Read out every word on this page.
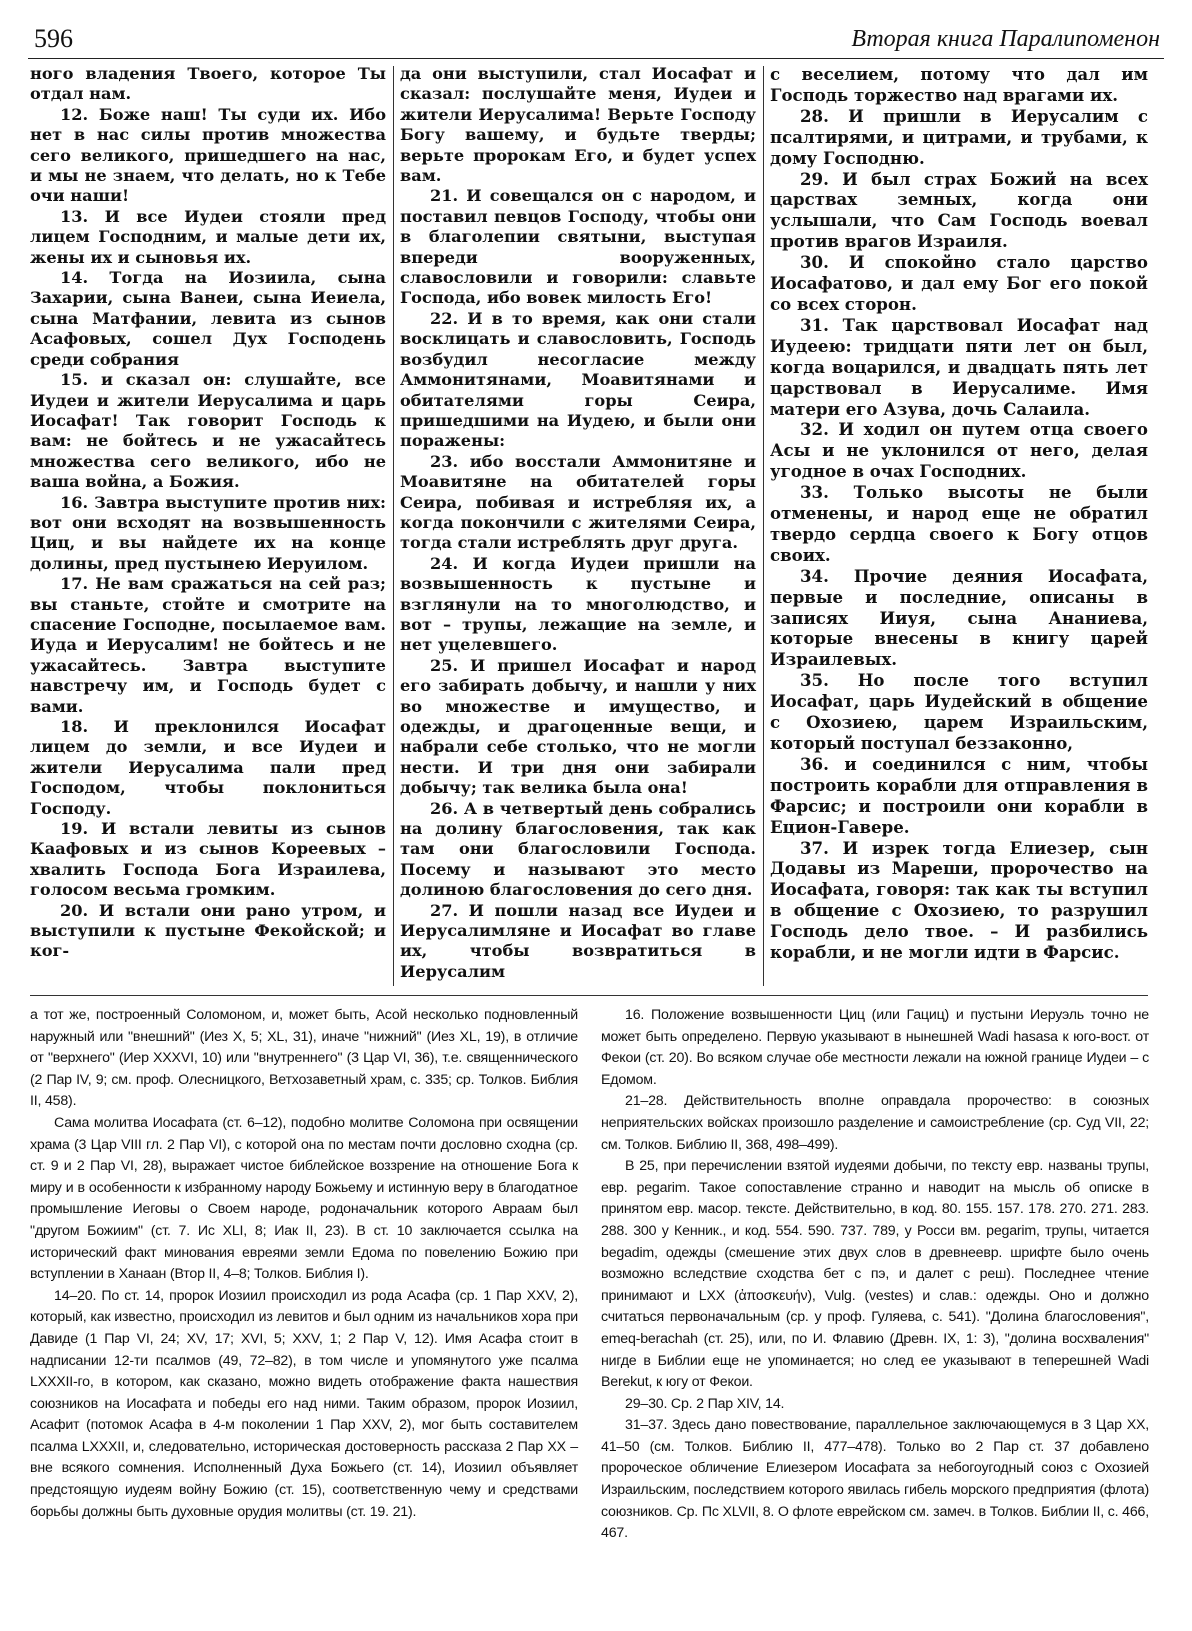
596	Вторая книга Паралипоменон

ного владения Твоего, которое Ты отдал нам.

12. Боже наш! Ты суди их. Ибо нет в нас силы против множества сего великого, пришедшего на нас, и мы не знаем, что делать, но к Тебе очи наши!

13. И все Иудеи стояли пред лицем Господним, и малые дети их, жены их и сыновья их.

14. Тогда на Иозиила, сына Захарии, сына Ванеи, сына Иеиела, сына Матфании, левита из сынов Асафовых, сошел Дух Господень среди собрания

15. и сказал он: слушайте, все Иудеи и жители Иерусалима и царь Иосафат! Так говорит Господь к вам: не бойтесь и не ужасайтесь множества сего великого, ибо не ваша война, а Божия.

16. Завтра выступите против них: вот они всходят на возвышенность Циц, и вы найдете их на конце долины, пред пустынею Иеруилом.

17. Не вам сражаться на сей раз; вы станьте, стойте и смотрите на спасение Господне, посылаемое вам. Иуда и Иерусалим! не бойтесь и не ужасайтесь. Завтра выступите навстречу им, и Господь будет с вами.

18. И преклонился Иосафат лицем до земли, и все Иудеи и жители Иерусалима пали пред Господом, чтобы поклониться Господу.

19. И встали левиты из сынов Каафовых и из сынов Кореевых – хвалить Господа Бога Израилева, голосом весьма громким.

20. И встали они рано утром, и выступили к пустыне Фекойской; и ког-

да они выступили, стал Иосафат и сказал: послушайте меня, Иудеи и жители Иерусалима! Верьте Господу Богу вашему, и будьте тверды; верьте пророкам Его, и будет успех вам.

21. И совещался он с народом, и поставил певцов Господу, чтобы они в благолепии святыни, выступая впереди вооруженных, славословили и говорили: славьте Господа, ибо вовек милость Его!

22. И в то время, как они стали восклицать и славословить, Господь возбудил несогласие между Аммонитянами, Моавитянами и обитателями горы Сеира, пришедшими на Иудею, и были они поражены:

23. ибо восстали Аммонитяне и Моавитяне на обитателей горы Сеира, побивая и истребляя их, а когда покончили с жителями Сеира, тогда стали истреблять друг друга.

24. И когда Иудеи пришли на возвышенность к пустыне и взглянули на то многолюдство, и вот – трупы, лежащие на земле, и нет уцелевшего.

25. И пришел Иосафат и народ его забирать добычу, и нашли у них во множестве и имущество, и одежды, и драгоценные вещи, и набрали себе столько, что не могли нести. И три дня они забирали добычу; так велика была она!

26. А в четвертый день собрались на долину благословения, так как там они благословили Господа. Посему и называют это место долиною благословения до сего дня.

27. И пошли назад все Иудеи и Иерусалимляне и Иосафат во главе их, чтобы возвратиться в Иерусалим

с веселием, потому что дал им Господь торжество над врагами их.

28. И пришли в Иерусалим с псалтирями, и цитрами, и трубами, к дому Господню.

29. И был страх Божий на всех царствах земных, когда они услышали, что Сам Господь воевал против врагов Израиля.

30. И спокойно стало царство Иосафатово, и дал ему Бог его покой со всех сторон.

31. Так царствовал Иосафат над Иудеею: тридцати пяти лет он был, когда воцарился, и двадцать пять лет царствовал в Иерусалиме. Имя матери его Азува, дочь Салаила.

32. И ходил он путем отца своего Асы и не уклонился от него, делая угодное в очах Господних.

33. Только высоты не были отменены, и народ еще не обратил твердо сердца своего к Богу отцов своих.

34. Прочие деяния Иосафата, первые и последние, описаны в записях Ииуя, сына Ананиева, которые внесены в книгу царей Израилевых.

35. Но после того вступил Иосафат, царь Иудейский в общение с Охозиею, царем Израильским, который поступал беззаконно,

36. и соединился с ним, чтобы построить корабли для отправления в Фарсис; и построили они корабли в Ецион-Гавере.

37. И изрек тогда Елиезер, сын Додавы из Мареши, пророчество на Иосафата, говоря: так как ты вступил в общение с Охозиею, то разрушил Господь дело твое. – И разбились корабли, и не могли идти в Фарсис.

а тот же, построенный Соломоном, и, может быть, Асой несколько подновленный наружный или "внешний" (Иез X, 5; XL, 31), иначе "нижний" (Иез XL, 19), в отличие от "верхнего" (Иер XXXVI, 10) или "внутреннего" (3 Цар VI, 36), т.е. священнического (2 Пар IV, 9; см. проф. Олесницкого, Ветхозаветный храм, с. 335; ср. Толков. Библия II, 458).

Сама молитва Иосафата (ст. 6–12), подобно молитве Соломона при освящении храма (3 Цар VIII гл. 2 Пар VI), с которой она по местам почти дословно сходна (ср. ст. 9 и 2 Пар VI, 28), выражает чистое библейское воззрение на отношение Бога к миру и в особенности к избранному народу Божьему и истинную веру в благодатное промышление Иеговы о Своем народе, родоначальник которого Авраам был "другом Божиим" (ст. 7. Ис XLI, 8; Иак II, 23). В ст. 10 заключается ссылка на исторический факт минования евреями земли Едома по повелению Божию при вступлении в Ханаан (Втор II, 4–8; Толков. Библия I).

14–20. По ст. 14, пророк Иозиил происходил из рода Асафа (ср. 1 Пар XXV, 2), который, как известно, происходил из левитов и был одним из начальников хора при Давиде (1 Пар VI, 24; XV, 17; XVI, 5; XXV, 1; 2 Пар V, 12). Имя Асафа стоит в надписании 12-ти псалмов (49, 72–82), в том числе и упомянутого уже псалма LXXXII-го, в котором, как сказано, можно видеть отображение факта нашествия союзников на Иосафата и победы его над ними. Таким образом, пророк Иозиил, Асафит (потомок Асафа в 4-м поколении 1 Пар XXV, 2), мог быть составителем псалма LXXXII, и, следовательно, историческая достоверность рассказа 2 Пар XX – вне всякого сомнения. Исполненный Духа Божьего (ст. 14), Иозиил объявляет предстоящую иудеям войну Божию (ст. 15), соответственную чему и средствами борьбы должны быть духовные орудия молитвы (ст. 19. 21).

16. Положение возвышенности Циц (или Гациц) и пустыни Иеруэль точно не может быть определено. Первую указывают в нынешней Wadi hasasa к юго-вост. от Фекои (ст. 20). Во всяком случае обе местности лежали на южной границе Иудеи – с Едомом.

21–28. Действительность вполне оправдала пророчество: в союзных неприятельских войсках произошло разделение и самоистребление (ср. Суд VII, 22; см. Толков. Библию II, 368, 498–499).

В 25, при перечислении взятой иудеями добычи, по тексту евр. названы трупы, евр. pegarim. Такое сопоставление странно и наводит на мысль об описке в принятом евр. масор. тексте. Действительно, в код. 80. 155. 157. 178. 270. 271. 283. 288. 300 у Кенник., и код. 554. 590. 737. 789, у Росси вм. pegarim, трупы, читается begadim, одежды (смешение этих двух слов в древнеевр. шрифте было очень возможно вследствие сходства бет с пэ, и далет с реш). Последнее чтение принимают и LXX (ἀποσκευήν), Vulg. (vestes) и слав.: одежды. Оно и должно считаться первоначальным (ср. у проф. Гуляева, с. 541). "Долина благословения", emeq-berachah (ст. 25), или, по И. Флавию (Древн. IX, 1: 3), "долина восхваления" нигде в Библии еще не упоминается; но след ее указывают в теперешней Wadi Berekut, к югу от Фекои.

29–30. Ср. 2 Пар XIV, 14.

31–37. Здесь дано повествование, параллельное заключающемуся в 3 Цар XX, 41–50 (см. Толков. Библию II, 477–478). Только во 2 Пар ст. 37 добавлено пророческое обличение Елиезером Иосафата за небогоугодный союз с Охозией Израильским, последствием которого явилась гибель морского предприятия (флота) союзников. Ср. Пс XLVII, 8. О флоте еврейском см. замеч. в Толков. Библии II, с. 466, 467.
